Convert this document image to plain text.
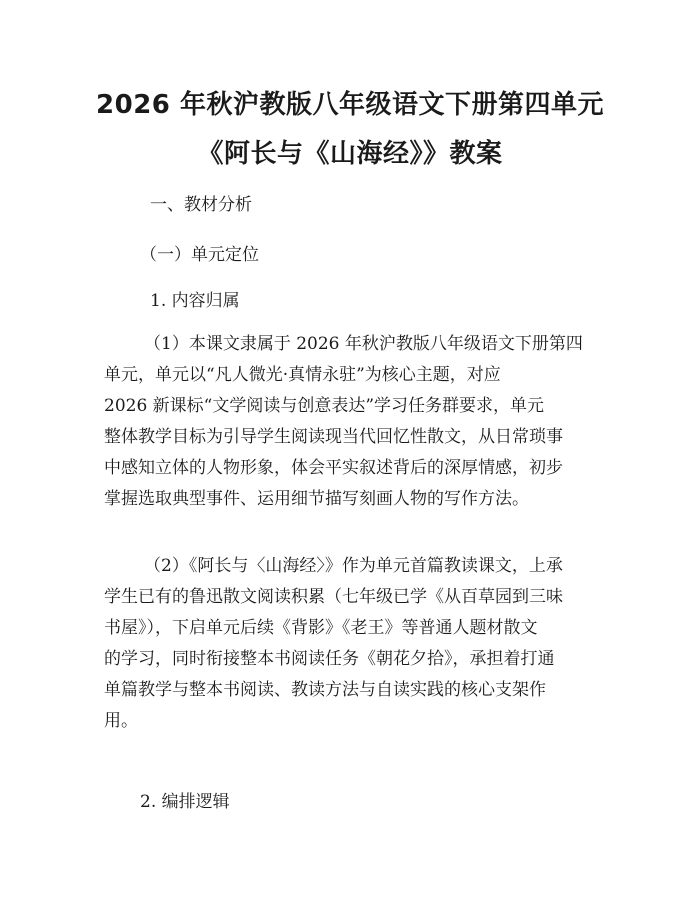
2026 年秋沪教版八年级语文下册第四单元
《阿长与《山海经》》教案
一、教材分析
（一）单元定位
1. 内容归属
（1）本课文隶属于 2026 年秋沪教版八年级语文下册第四
单元，单元以“凡人微光·真情永驻”为核心主题，对应
2026 新课标“文学阅读与创意表达”学习任务群要求，单元
整体教学目标为引导学生阅读现当代回忆性散文，从日常琐事
中感知立体的人物形象，体会平实叙述背后的深厚情感，初步
掌握选取典型事件、运用细节描写刻画人物的写作方法。
（2）《阿长与〈山海经〉》作为单元首篇教读课文，上承
学生已有的鲁迅散文阅读积累（七年级已学《从百草园到三味
书屋》），下启单元后续《背影》《老王》等普通人题材散文
的学习，同时衔接整本书阅读任务《朝花夕拾》，承担着打通
单篇教学与整本书阅读、教读方法与自读实践的核心支架作
用。
2. 编排逻辑
